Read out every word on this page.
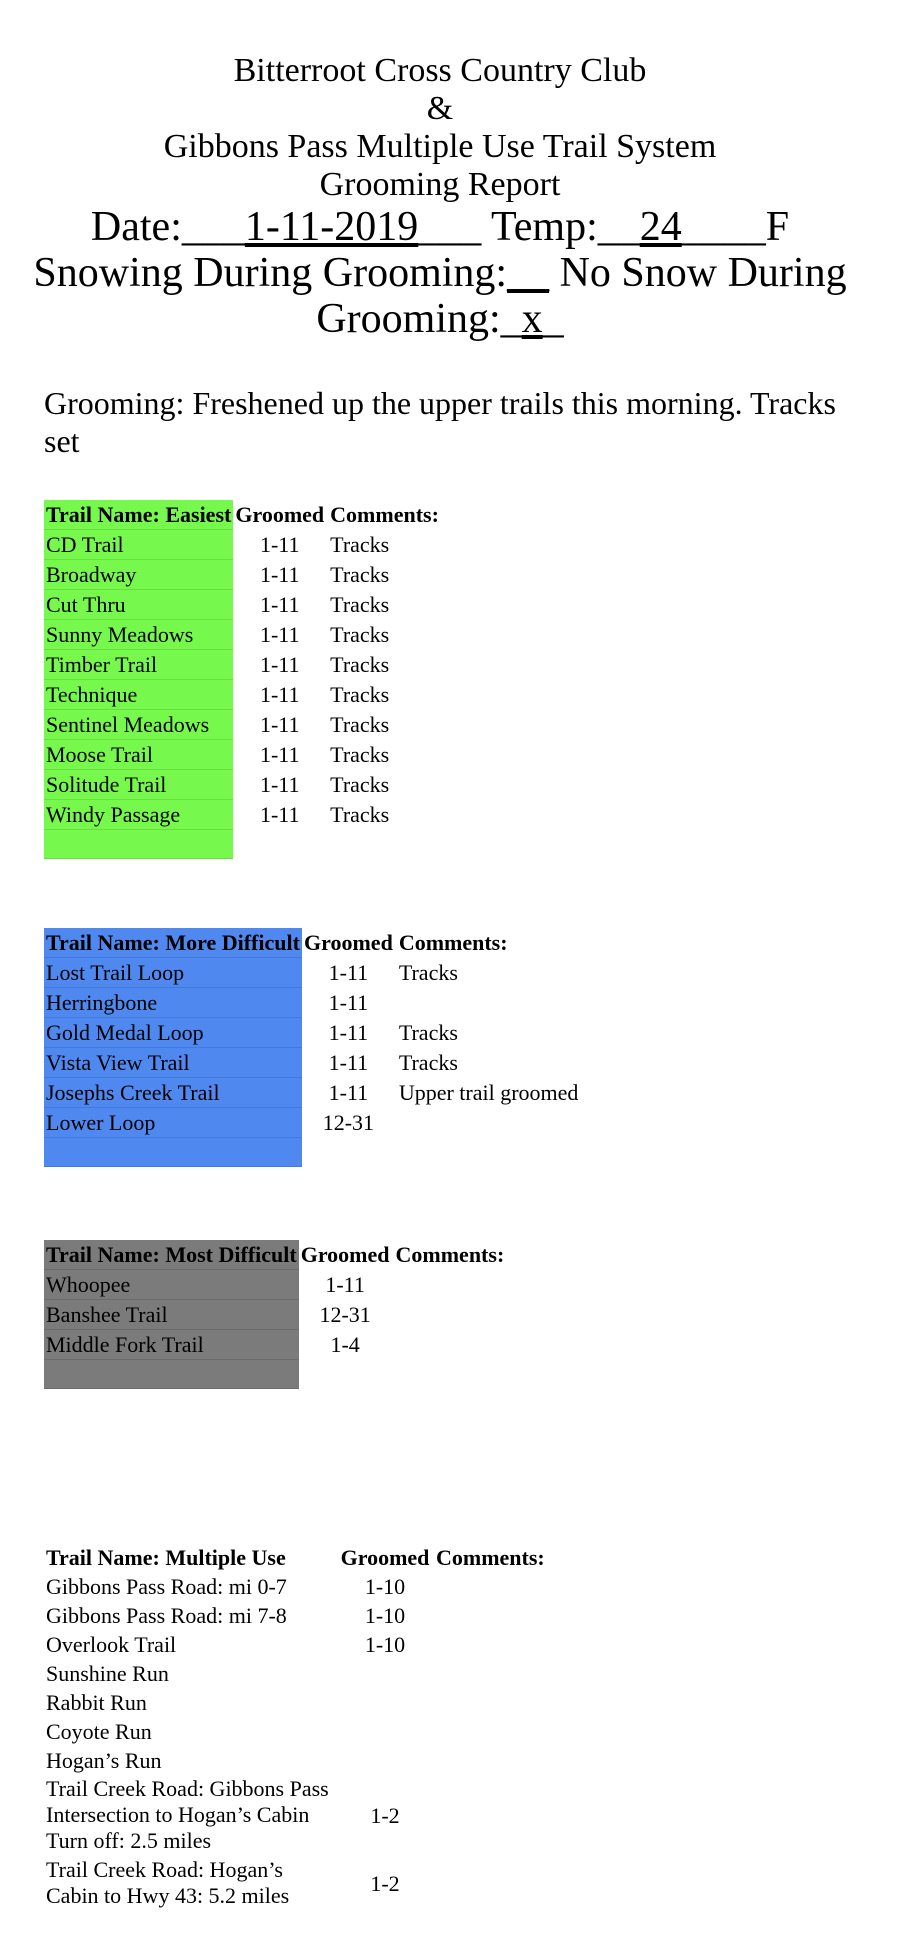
Bitterroot Cross Country Club
&
Gibbons Pass Multiple Use Trail System
Grooming Report
Date:___1-11-2019___ Temp:__24____F
Snowing During Grooming:__ No Snow During Grooming:_x_
Grooming: Freshened up the upper trails this morning. Tracks set
Trail Name: Easiest	Groomed	Comments:
CD Trail	1-11	Tracks
Broadway	1-11	Tracks
Cut Thru	1-11	Tracks
Sunny Meadows	1-11	Tracks
Timber Trail	1-11	Tracks
Technique	1-11	Tracks
Sentinel Meadows	1-11	Tracks
Moose Trail	1-11	Tracks
Solitude Trail	1-11	Tracks
Windy Passage	1-11	Tracks

Trail Name: More Difficult	Groomed	Comments:
Lost Trail Loop	1-11	Tracks
Herringbone	1-11	
Gold Medal Loop	1-11	Tracks
Vista View Trail	1-11	Tracks
Josephs Creek Trail	1-11	Upper trail groomed
Lower Loop	12-31	

Trail Name: Most Difficult	Groomed	Comments:
Whoopee	1-11	
Banshee Trail	12-31	
Middle Fork Trail	1-4	

Trail Name: Multiple Use	Groomed	Comments:
Gibbons Pass Road: mi 0-7	1-10	
Gibbons Pass Road: mi 7-8	1-10	
Overlook Trail	1-10	
Sunshine Run		
Rabbit Run		
Coyote Run		
Hogan’s Run		
Trail Creek Road: Gibbons Pass Intersection to Hogan’s Cabin Turn off: 2.5 miles	1-2	
Trail Creek Road: Hogan’s Cabin to Hwy 43: 5.2 miles	1-2	
